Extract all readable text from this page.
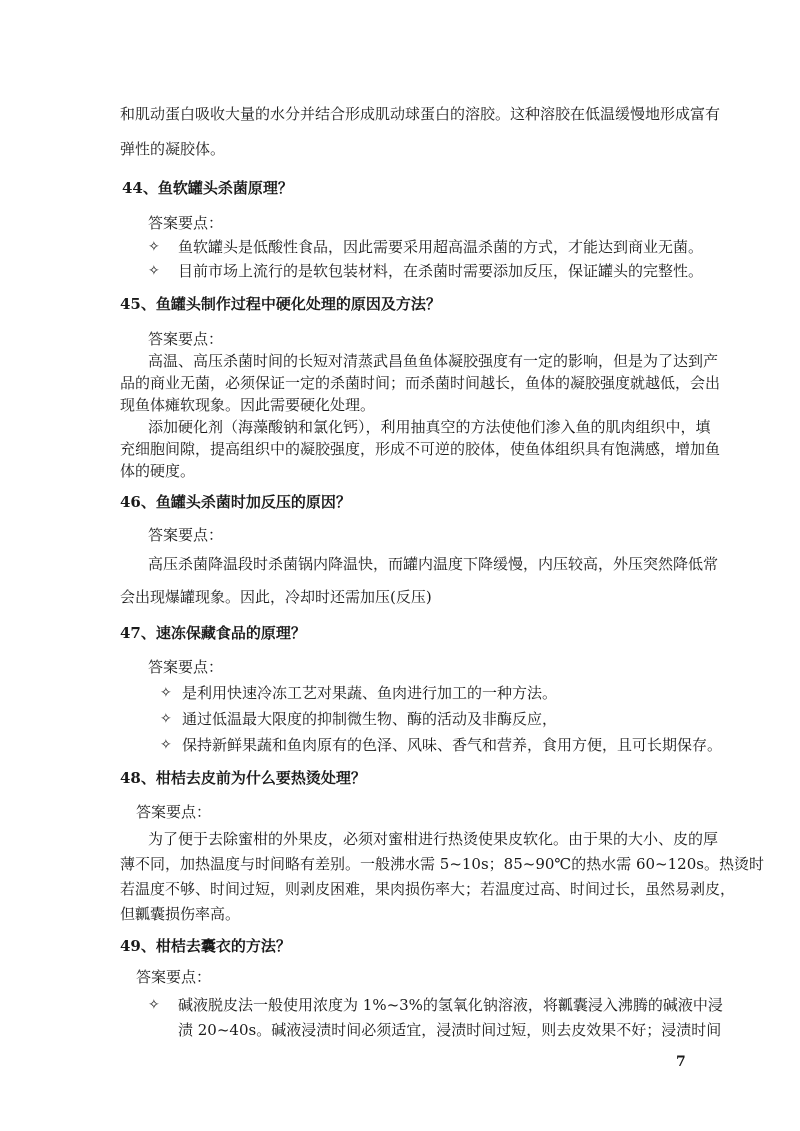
和肌动蛋白吸收大量的水分并结合形成肌动球蛋白的溶胶。这种溶胶在低温缓慢地形成富有
弹性的凝胶体。
44、鱼软罐头杀菌原理？
答案要点：
✧ 鱼软罐头是低酸性食品，因此需要采用超高温杀菌的方式，才能达到商业无菌。
✧ 目前市场上流行的是软包装材料，在杀菌时需要添加反压，保证罐头的完整性。
45、鱼罐头制作过程中硬化处理的原因及方法？
答案要点：
高温、高压杀菌时间的长短对清蒸武昌鱼鱼体凝胶强度有一定的影响，但是为了达到产
品的商业无菌，必须保证一定的杀菌时间；而杀菌时间越长，鱼体的凝胶强度就越低，会出
现鱼体瘫软现象。因此需要硬化处理。
添加硬化剂（海藻酸钠和氯化钙），利用抽真空的方法使他们渗入鱼的肌肉组织中，填
充细胞间隙，提高组织中的凝胶强度，形成不可逆的胶体，使鱼体组织具有饱满感，增加鱼
体的硬度。
46、鱼罐头杀菌时加反压的原因？
答案要点：
高压杀菌降温段时杀菌锅内降温快，而罐内温度下降缓慢，内压较高，外压突然降低常
会出现爆罐现象。因此，冷却时还需加压(反压)
47、速冻保藏食品的原理？
答案要点：
✧ 是利用快速冷冻工艺对果蔬、鱼肉进行加工的一种方法。
✧ 通过低温最大限度的抑制微生物、酶的活动及非酶反应，
✧ 保持新鲜果蔬和鱼肉原有的色泽、风味、香气和营养，食用方便，且可长期保存。
48、柑桔去皮前为什么要热烫处理？
答案要点：
为了便于去除蜜柑的外果皮，必须对蜜柑进行热烫使果皮软化。由于果的大小、皮的厚
薄不同，加热温度与时间略有差别。一般沸水需 5~10s；85~90℃的热水需 60~120s。热烫时
若温度不够、时间过短，则剥皮困难，果肉损伤率大；若温度过高、时间过长，虽然易剥皮，
但瓤囊损伤率高。
49、柑桔去囊衣的方法？
答案要点：
✧ 碱液脱皮法一般使用浓度为 1%~3%的氢氧化钠溶液，将瓤囊浸入沸腾的碱液中浸
渍 20~40s。碱液浸渍时间必须适宜，浸渍时间过短，则去皮效果不好；浸渍时间
7
